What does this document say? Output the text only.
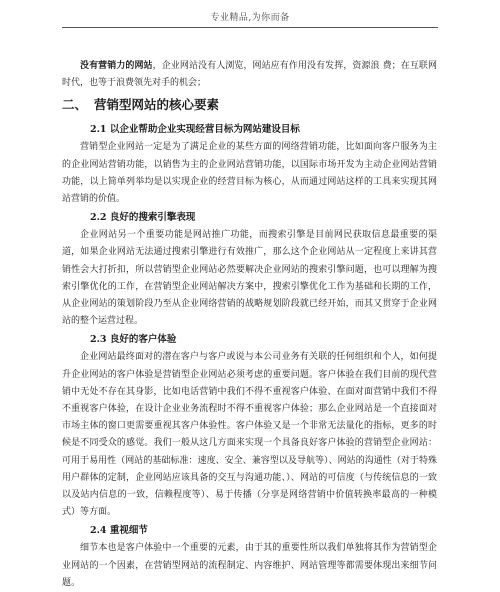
专业精品,为你而备

没有营销力的网站，企业网站没有人浏览，网站应有作用没有发挥，资源浪 费；在互联网时代，也等于浪费领先对手的机会；

二、 营销型网站的核心要素
2.1 以企业帮助企业实现经营目标为网站建设目标

营销型企业网站一定是为了满足企业的某些方面的网络营销功能，比如面向客户服务为主的企业网站营销功能，以销售为主的企业网站营销功能，以国际市场开发为主动企业网站营销功能，以上简单列举均是以实现企业的经营目标为核心，从而通过网站这样的工具来实现其网站营销的价值。

2.2 良好的搜索引擎表现

企业网站另一个重要功能是网站推广功能，而搜索引擎是目前网民获取信息最重要的渠道，如果企业网站无法通过搜索引擎进行有效推广，那么这个企业网站从一定程度上来讲其营销性会大打折扣，所以营销型企业网站必然要解决企业网站的搜索引擎问题，也可以理解为搜索引擎优化的工作，在营销型企业网站解决方案中，搜索引擎优化工作为基础和长期的工作，从企业网站的策划阶段乃至从企业网络营销的战略规划阶段就已经开始，而其又贯穿于企业网站的整个运营过程。

2.3 良好的客户体验

企业网站最终面对的潜在客户与客户或说与本公司业务有关联的任何组织和个人，如何提升企业网站的客户体验是营销型企业网站必须考虑的重要问题。客户体验在我们目前的现代营销中无处不存在其身影，比如电话营销中我们不得不重视客户体验、在面对面营销中我们不得不重视客户体验，在设计企业业务流程时不得不重视客户体验；那么企业网站是一个直接面对市场主体的窗口更需要重视其客户体验性。客户体验又是一个非常无法量化的指标，更多的时候是不同受众的感觉。我们一般从这几方面来实现一个具备良好客户体验的营销型企业网站：可用于易用性（网站的基础标准：速度、安全、兼容型以及导航等）、网站的沟通性（对于特殊用户群体的定制，企业网站应该具备的交互与沟通功能、）、网站的可信度（与传统信息的一致以及站内信息的一致，信赖程度等）、易于传播（分享是网络营销中价值转换率最高的一种模式）等方面。

2.4 重视细节

细节本也是客户体验中一个重要的元素，由于其的重要性所以我们单独将其作为营销型企业网站的一个因素，在营销型网站的流程制定、内容维护、网站管理等都需要体现出来细节问题。
